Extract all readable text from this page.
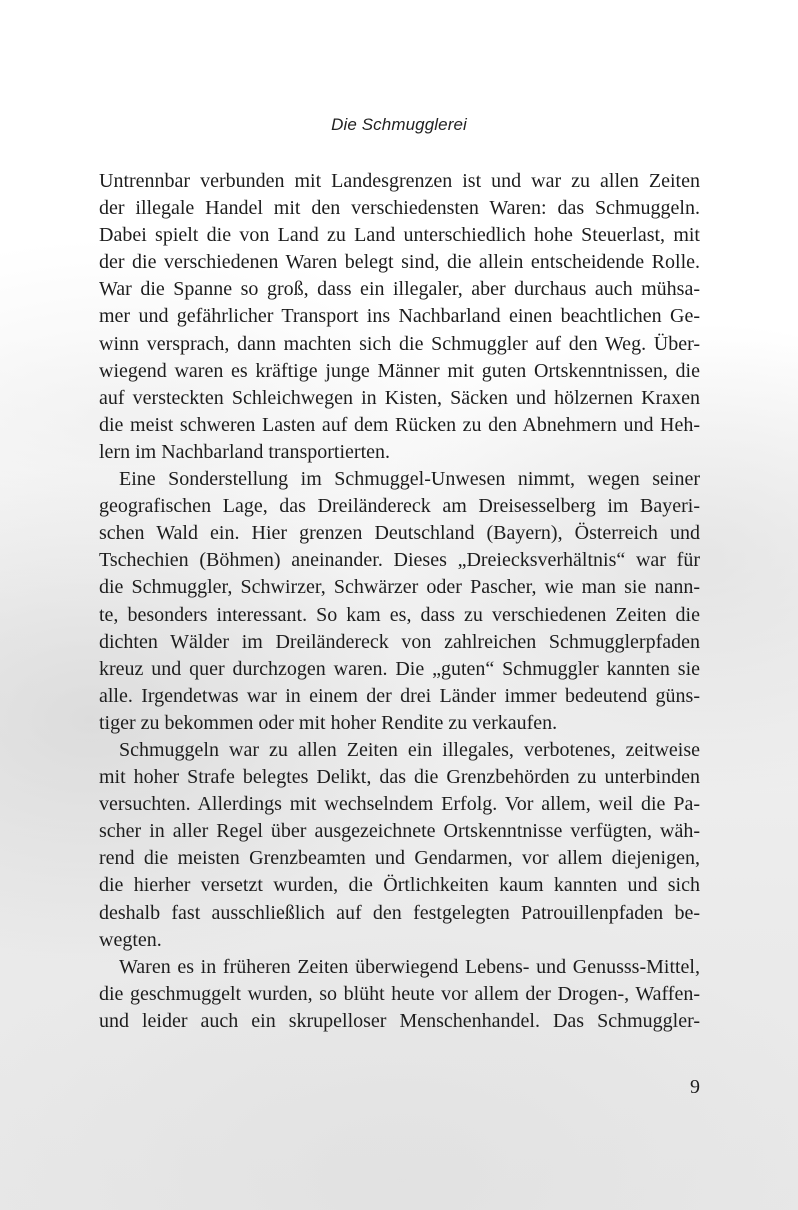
Die Schmugglerei
Untrennbar verbunden mit Landesgrenzen ist und war zu allen Zeiten
der illegale Handel mit den verschiedensten Waren: das Schmuggeln.
Dabei spielt die von Land zu Land unterschiedlich hohe Steuerlast, mit
der die verschiedenen Waren belegt sind, die allein entscheidende Rolle.
War die Spanne so groß, dass ein illegaler, aber durchaus auch mühsa-
mer und gefährlicher Transport ins Nachbarland einen beachtlichen Ge-
winn versprach, dann machten sich die Schmuggler auf den Weg. Über-
wiegend waren es kräftige junge Männer mit guten Ortskenntnissen, die
auf versteckten Schleichwegen in Kisten, Säcken und hölzernen Kraxen
die meist schweren Lasten auf dem Rücken zu den Abnehmern und Heh-
lern im Nachbarland transportierten.
Eine Sonderstellung im Schmuggel-Unwesen nimmt, wegen seiner
geografischen Lage, das Dreiländereck am Dreisesselberg im Bayeri-
schen Wald ein. Hier grenzen Deutschland (Bayern), Österreich und
Tschechien (Böhmen) aneinander. Dieses „Dreiecksverhältnis“ war für
die Schmuggler, Schwirzer, Schwärzer oder Pascher, wie man sie nann-
te, besonders interessant. So kam es, dass zu verschiedenen Zeiten die
dichten Wälder im Dreiländereck von zahlreichen Schmugglerpfaden
kreuz und quer durchzogen waren. Die „guten“ Schmuggler kannten sie
alle. Irgendetwas war in einem der drei Länder immer bedeutend güns-
tiger zu bekommen oder mit hoher Rendite zu verkaufen.
Schmuggeln war zu allen Zeiten ein illegales, verbotenes, zeitweise
mit hoher Strafe belegtes Delikt, das die Grenzbehörden zu unterbinden
versuchten. Allerdings mit wechselndem Erfolg. Vor allem, weil die Pa-
scher in aller Regel über ausgezeichnete Ortskenntnisse verfügten, wäh-
rend die meisten Grenzbeamten und Gendarmen, vor allem diejenigen,
die hierher versetzt wurden, die Örtlichkeiten kaum kannten und sich
deshalb fast ausschließlich auf den festgelegten Patrouillenpfaden be-
wegten.
Waren es in früheren Zeiten überwiegend Lebens- und Genusss-Mittel,
die geschmuggelt wurden, so blüht heute vor allem der Drogen-, Waffen-
und leider auch ein skrupelloser Menschenhandel. Das Schmuggler-
9
